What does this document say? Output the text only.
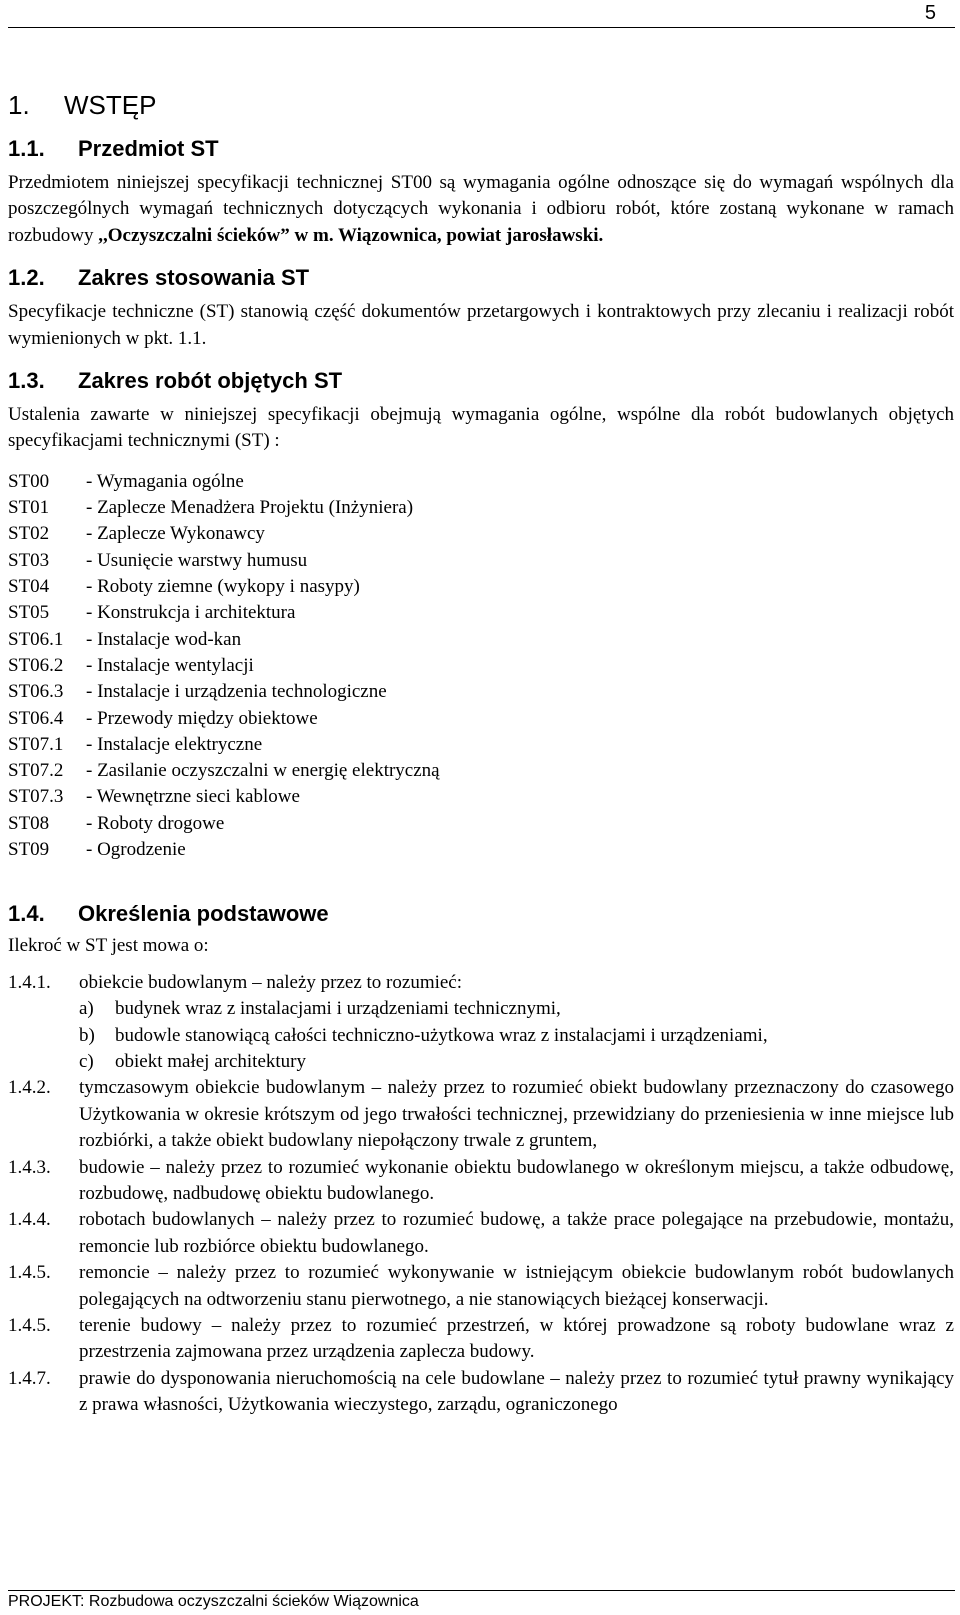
5
1. WSTĘP
1.1. Przedmiot ST

Przedmiotem niniejszej specyfikacji technicznej ST00 są wymagania ogólne odnoszące się do wymagań wspólnych dla poszczególnych wymagań technicznych dotyczących wykonania i odbioru robót, które zostaną wykonane w ramach rozbudowy ,,Oczyszczalni ścieków” w m. Wiązownica, powiat jarosławski.

1.2. Zakres stosowania ST

Specyfikacje techniczne (ST) stanowią część dokumentów przetargowych i kontraktowych przy zlecaniu i realizacji robót wymienionych w pkt. 1.1.

1.3. Zakres robót objętych ST

Ustalenia zawarte w niniejszej specyfikacji obejmują wymagania ogólne, wspólne dla robót budowlanych objętych specyfikacjami technicznymi (ST) :

ST00	- Wymagania ogólne
ST01	- Zaplecze Menadżera Projektu (Inżyniera)
ST02	- Zaplecze Wykonawcy
ST03	- Usunięcie warstwy humusu
ST04	- Roboty ziemne (wykopy i nasypy)
ST05	- Konstrukcja i architektura
ST06.1	- Instalacje wod-kan
ST06.2	- Instalacje wentylacji
ST06.3	- Instalacje i urządzenia technologiczne
ST06.4	- Przewody między obiektowe
ST07.1	- Instalacje elektryczne
ST07.2	- Zasilanie oczyszczalni w energię elektryczną
ST07.3	- Wewnętrzne sieci kablowe
ST08	- Roboty drogowe
ST09	- Ogrodzenie
1.4. Określenia podstawowe

Ilekroć w ST jest mowa o:

1.4.1.	obiekcie budowlanym – należy przez to rozumieć:
a)	budynek wraz z instalacjami i urządzeniami technicznymi,
b)	budowle stanowiącą całości techniczno-użytkowa wraz z instalacjami i urządzeniami,
c)	obiekt małej architektury
1.4.2.	tymczasowym obiekcie budowlanym – należy przez to rozumieć obiekt budowlany przeznaczony do czasowego Użytkowania w okresie krótszym od jego trwałości technicznej, przewidziany do przeniesienia w inne miejsce lub rozbiórki, a także obiekt budowlany niepołączony trwale z gruntem,
1.4.3.	budowie – należy przez to rozumieć wykonanie obiektu budowlanego w określonym miejscu, a także odbudowę, rozbudowę, nadbudowę obiektu budowlanego.
1.4.4.	robotach budowlanych – należy przez to rozumieć budowę, a także prace polegające na przebudowie, montażu, remoncie lub rozbiórce obiektu budowlanego.
1.4.5.	remoncie – należy przez to rozumieć wykonywanie w istniejącym obiekcie budowlanym robót budowlanych polegających na odtworzeniu stanu pierwotnego, a nie stanowiących bieżącej konserwacji.
1.4.5.	terenie budowy – należy przez to rozumieć przestrzeń, w której prowadzone są roboty budowlane wraz z przestrzenia zajmowana przez urządzenia zaplecza budowy.
1.4.7.	prawie do dysponowania nieruchomością na cele budowlane – należy przez to rozumieć tytuł prawny wynikający z prawa własności, Użytkowania wieczystego, zarządu, ograniczonego
PROJEKT: Rozbudowa oczyszczalni ścieków Wiązownica
